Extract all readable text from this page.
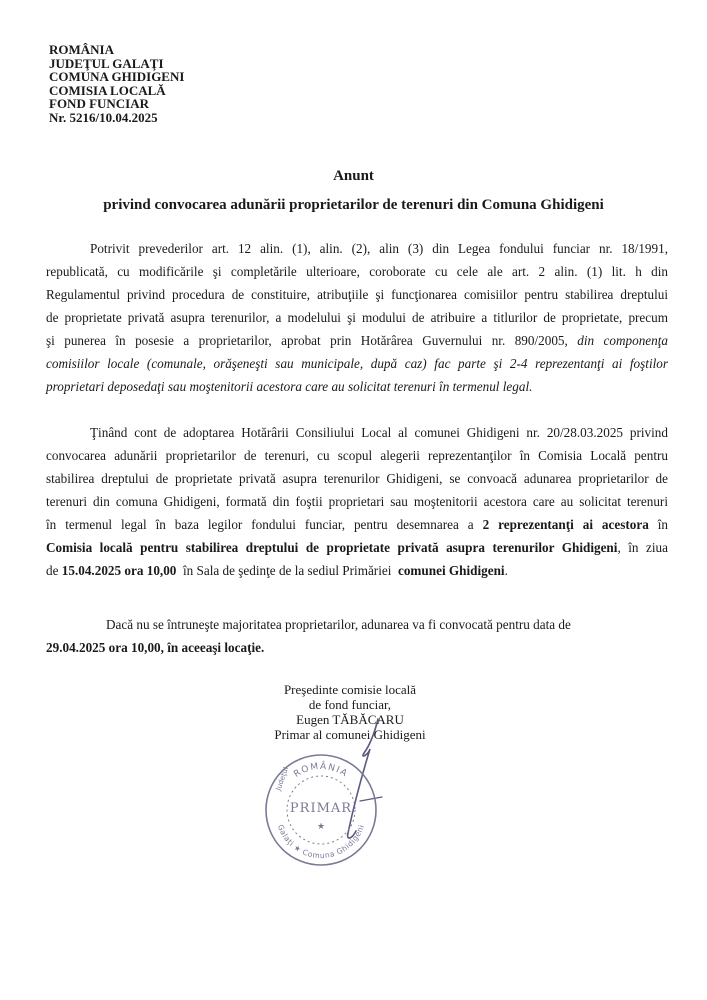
ROMÂNIA
JUDEŢUL GALAŢI
COMUNA GHIDIGENI
COMISIA LOCALĂ
FOND FUNCIAR
Nr. 5216/10.04.2025
Anunt
privind convocarea adunării proprietarilor de terenuri din Comuna Ghidigeni
Potrivit prevederilor art. 12 alin. (1), alin. (2), alin (3) din Legea fondului funciar nr. 18/1991,
republicată, cu modificările şi completările ulterioare, coroborate cu cele ale art. 2 alin. (1) lit. h din
Regulamentul privind procedura de constituire, atribuţiile şi funcţionarea comisiilor pentru stabilirea dreptului
de proprietate privată asupra terenurilor, a modelului şi modului de atribuire a titlurilor de proprietate, precum
şi punerea în posesie a proprietarilor, aprobat prin Hotărârea Guvernului nr. 890/2005, din componenţa
comisiilor locale (comunale, orăşeneşti sau municipale, după caz) fac parte şi 2-4 reprezentanţi ai foştilor
proprietari deposedaţi sau moştenitorii acestora care au solicitat terenuri în termenul legal.
Ţinând cont de adoptarea Hotărârii Consiliului Local al comunei Ghidigeni nr. 20/28.03.2025 privind
convocarea adunării proprietarilor de terenuri, cu scopul alegerii reprezentanţilor în Comisia Locală pentru
stabilirea dreptului de proprietate privată asupra terenurilor Ghidigeni, se convoacă adunarea proprietarilor de
terenuri din comuna Ghidigeni, formată din foştii proprietari sau moştenitorii acestora care au solicitat terenuri
în termenul legal în baza legilor fondului funciar, pentru desemnarea a 2 reprezentanţi ai acestora în
Comisia locală pentru stabilirea dreptului de proprietate privată asupra terenurilor Ghidigeni, în ziua
de 15.04.2025 ora 10,00 în Sala de şedinţe de la sediul Primăriei comunei Ghidigeni.
Dacă nu se întruneşte majoritatea proprietarilor, adunarea va fi convocată pentru data de
29.04.2025 ora 10,00, în aceeaşi locaţie.
Preşedinte comisie locală
de fond funciar,
Eugen TĂBĂCARU
Primar al comunei Ghidigeni
ROMÂNIA
Judeţul
Galaţi ★ Comuna Ghidigeni
PRIMAR
★
